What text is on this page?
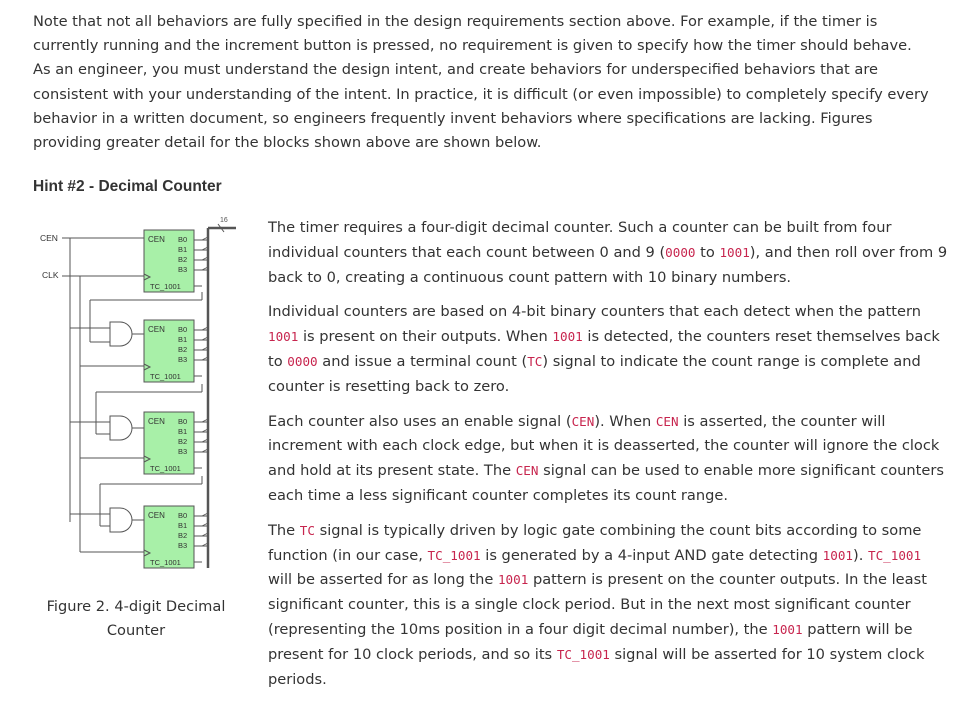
Note that not all behaviors are fully specified in the design requirements section above. For example, if the timer is currently running and the increment button is pressed, no requirement is given to specify how the timer should behave. As an engineer, you must understand the design intent, and create behaviors for underspecified behaviors that are consistent with your understanding of the intent. In practice, it is difficult (or even impossible) to completely specify every behavior in a written document, so engineers frequently invent behaviors where specifications are lacking. Figures providing greater detail for the blocks shown above are shown below.

Hint #2 - Decimal Counter
16
CEN
CLK
CEN B0
B1
B2
B3
TC_1001
CEN B0
B1
B2
B3
TC_1001
CEN B0
B1
B2
B3
TC_1001
CEN B0
B1
B2
B3
TC_1001
Figure 2. 4-digit Decimal Counter

The timer requires a four-digit decimal counter. Such a counter can be built from four individual counters that each count between 0 and 9 (0000 to 1001), and then roll over from 9 back to 0, creating a continuous count pattern with 10 binary numbers.

Individual counters are based on 4-bit binary counters that each detect when the pattern 1001 is present on their outputs. When 1001 is detected, the counters reset themselves back to 0000 and issue a terminal count (TC) signal to indicate the count range is complete and counter is resetting back to zero.

Each counter also uses an enable signal (CEN). When CEN is asserted, the counter will increment with each clock edge, but when it is deasserted, the counter will ignore the clock and hold at its present state. The CEN signal can be used to enable more significant counters each time a less significant counter completes its count range.

The TC signal is typically driven by logic gate combining the count bits according to some function (in our case, TC_1001 is generated by a 4-input AND gate detecting 1001). TC_1001 will be asserted for as long the 1001 pattern is present on the counter outputs. In the least significant counter, this is a single clock period. But in the next most significant counter (representing the 10ms position in a four digit decimal number), the 1001 pattern will be present for 10 clock periods, and so its TC_1001 signal will be asserted for 10 system clock periods.
